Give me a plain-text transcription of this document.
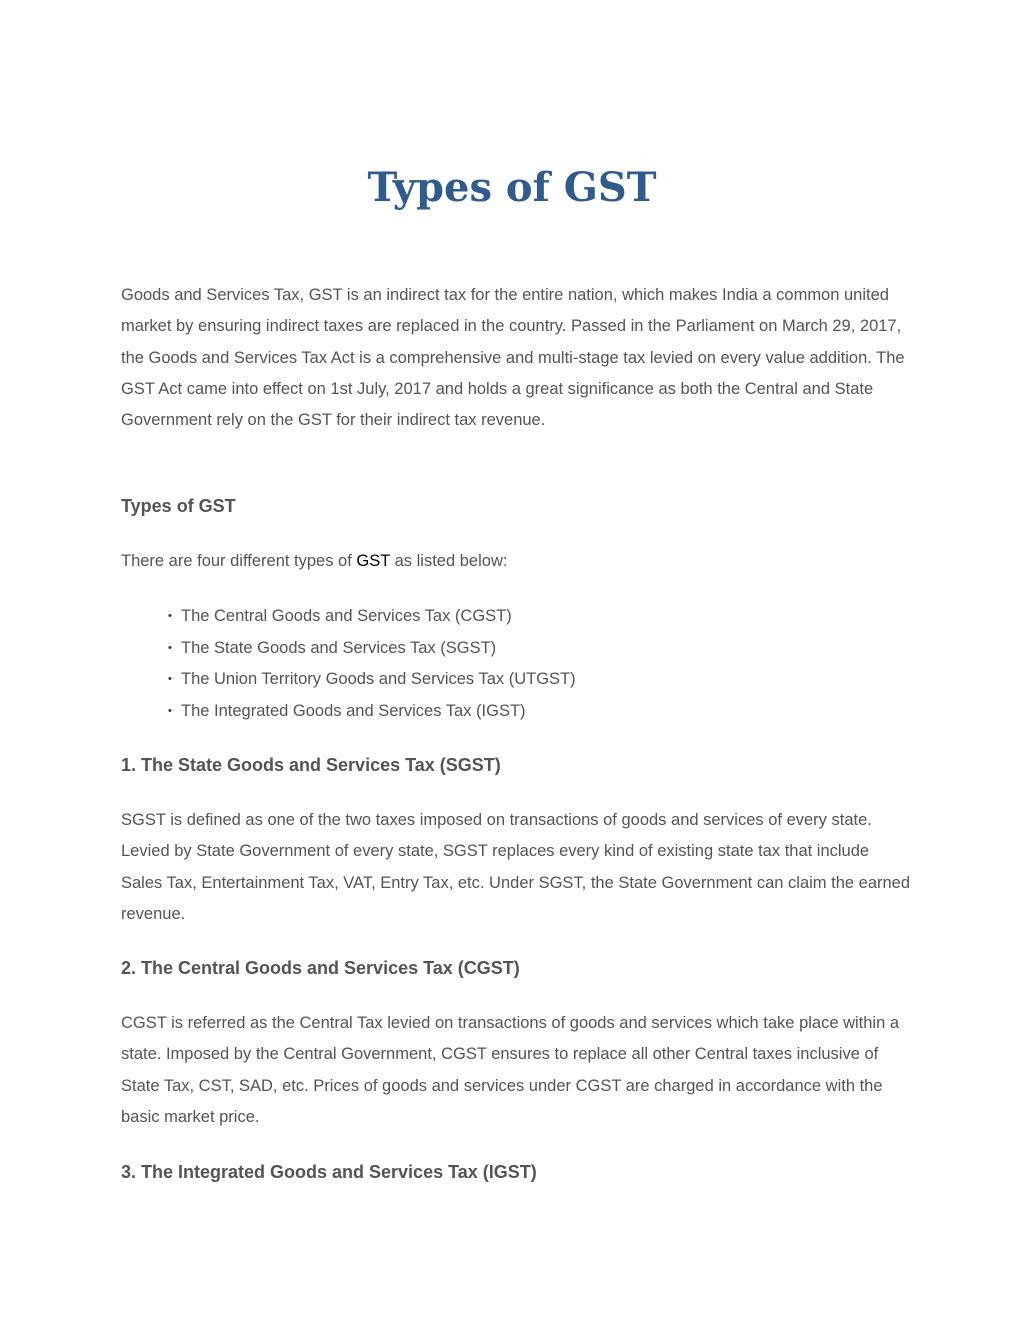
Types of GST

Goods and Services Tax, GST is an indirect tax for the entire nation, which makes India a common united market by ensuring indirect taxes are replaced in the country. Passed in the Parliament on March 29, 2017, the Goods and Services Tax Act is a comprehensive and multi-stage tax levied on every value addition. The GST Act came into effect on 1st July, 2017 and holds a great significance as both the Central and State Government rely on the GST for their indirect tax revenue.

Types of GST

There are four different types of GST as listed below:

• The Central Goods and Services Tax (CGST)
• The State Goods and Services Tax (SGST)
• The Union Territory Goods and Services Tax (UTGST)
• The Integrated Goods and Services Tax (IGST)
1. The State Goods and Services Tax (SGST)

SGST is defined as one of the two taxes imposed on transactions of goods and services of every state. Levied by State Government of every state, SGST replaces every kind of existing state tax that include Sales Tax, Entertainment Tax, VAT, Entry Tax, etc. Under SGST, the State Government can claim the earned revenue.

2. The Central Goods and Services Tax (CGST)

CGST is referred as the Central Tax levied on transactions of goods and services which take place within a state. Imposed by the Central Government, CGST ensures to replace all other Central taxes inclusive of State Tax, CST, SAD, etc. Prices of goods and services under CGST are charged in accordance with the basic market price.

3. The Integrated Goods and Services Tax (IGST)
